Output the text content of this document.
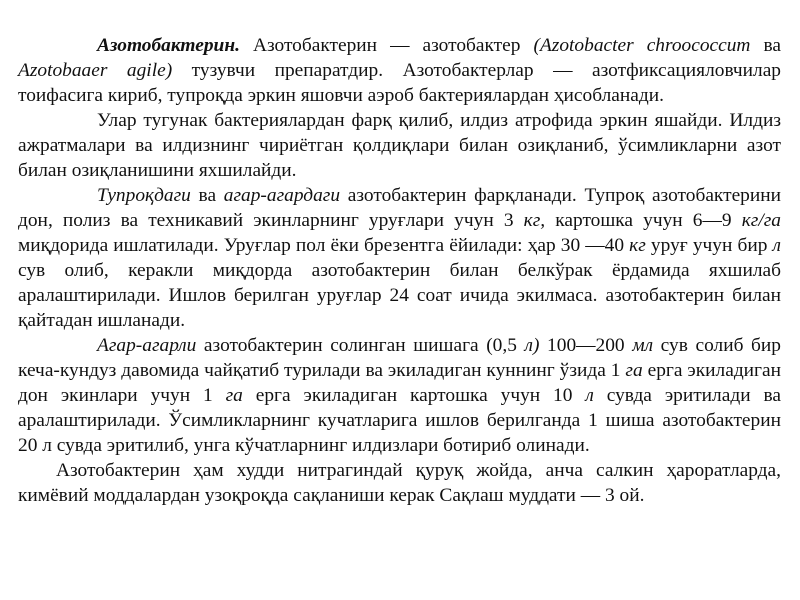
Азотобактерин. Азотобактерин — азотобактер (Azotobacter chroococcum ва Azotobaaer agile) тузувчи препаратдир. Азотобактерлар — азотфиксацияловчилар тоифасига кириб, тупроқда эркин яшовчи аэроб бактериялардан ҳисобланади.

Улар тугунак бактериялардан фарқ қилиб, илдиз атрофида эркин яшайди. Илдиз ажратмалари ва илдизнинг чириётган қолдиқлари билан озиқланиб, ўсимликларни азот билан озиқланишини яхшилайди.

Тупроқдаги ва агар-агардаги азотобактерин фарқланади. Тупроқ азотобактерини дон, полиз ва техникавий экинларнинг уруғлари учун 3 кг, картошка учун 6—9 кг/га миқдорида ишлатилади. Уруғлар пол ёки брезентга ёйилади: ҳар 30 —40 кг уруғ учун бир л сув олиб, керакли миқдорда азотобактерин билан белкўрак ёрдамида яхшилаб аралаштирилади. Ишлов берилган уруғлар 24 соат ичида экилмаса. азотобактерин билан қайтадан ишланади.

Агар-агарли азотобактерин солинган шишага (0,5 л) 100—200 мл сув солиб бир кеча-кундуз давомида чайқатиб турилади ва экиладиган куннинг ўзида 1 га ерга экиладиган дон экинлари учун 1 га ерга экиладиган картошка учун 10 л сувда эритилади ва аралаштирилади. Ўсимликларнинг кучатларига ишлов берилганда 1 шиша азотобактерин 20 л сувда эритилиб, унга кўчатларнинг илдизлари ботириб олинади.

Азотобактерин ҳам худди нитрагиндай қуруқ жойда, анча салкин ҳароратларда, кимёвий моддалардан узоқроқда сақланиши керак Сақлаш муддати — 3 ой.
